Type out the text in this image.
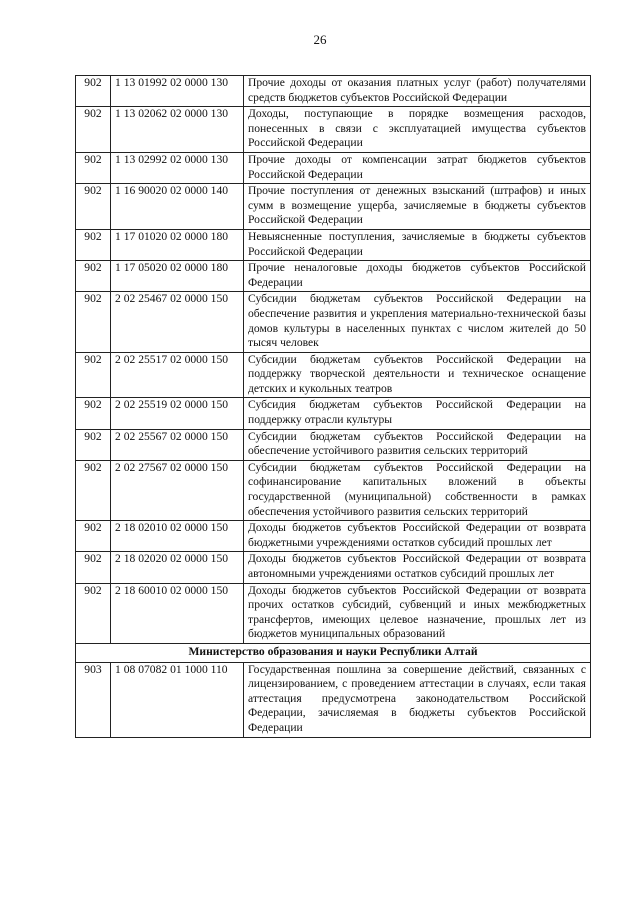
26
902	1 13 01992 02 0000 130	Прочие доходы от оказания платных услуг (работ) получателями средств бюджетов субъектов Российской Федерации
902	1 13 02062 02 0000 130	Доходы, поступающие в порядке возмещения расходов, понесенных в связи с эксплуатацией имущества субъектов Российской Федерации
902	1 13 02992 02 0000 130	Прочие доходы от компенсации затрат бюджетов субъектов Российской Федерации
902	1 16 90020 02 0000 140	Прочие поступления от денежных взысканий (штрафов) и иных сумм в возмещение ущерба, зачисляемые в бюджеты субъектов Российской Федерации
902	1 17 01020 02 0000 180	Невыясненные поступления, зачисляемые в бюджеты субъектов Российской Федерации
902	1 17 05020 02 0000 180	Прочие неналоговые доходы бюджетов субъектов Российской Федерации
902	2 02 25467 02 0000 150	Субсидии бюджетам субъектов Российской Федерации на обеспечение развития и укрепления материально-технической базы домов культуры в населенных пунктах с числом жителей до 50 тысяч человек
902	2 02 25517 02 0000 150	Субсидии бюджетам субъектов Российской Федерации на поддержку творческой деятельности и техническое оснащение детских и кукольных театров
902	2 02 25519 02 0000 150	Субсидия бюджетам субъектов Российской Федерации на поддержку отрасли культуры
902	2 02 25567 02 0000 150	Субсидии бюджетам субъектов Российской Федерации на обеспечение устойчивого развития сельских территорий
902	2 02 27567 02 0000 150	Субсидии бюджетам субъектов Российской Федерации на софинансирование капитальных вложений в объекты государственной (муниципальной) собственности в рамках обеспечения устойчивого развития сельских территорий
902	2 18 02010 02 0000 150	Доходы бюджетов субъектов Российской Федерации от возврата бюджетными учреждениями остатков субсидий прошлых лет
902	2 18 02020 02 0000 150	Доходы бюджетов субъектов Российской Федерации от возврата автономными учреждениями остатков субсидий прошлых лет
902	2 18 60010 02 0000 150	Доходы бюджетов субъектов Российской Федерации от возврата прочих остатков субсидий, субвенций и иных межбюджетных трансфертов, имеющих целевое назначение, прошлых лет из бюджетов муниципальных образований
Министерство образования и науки Республики Алтай		
903	1 08 07082 01 1000 110	Государственная пошлина за совершение действий, связанных с лицензированием, с проведением аттестации в случаях, если такая аттестация предусмотрена законодательством Российской Федерации, зачисляемая в бюджеты субъектов Российской Федерации
